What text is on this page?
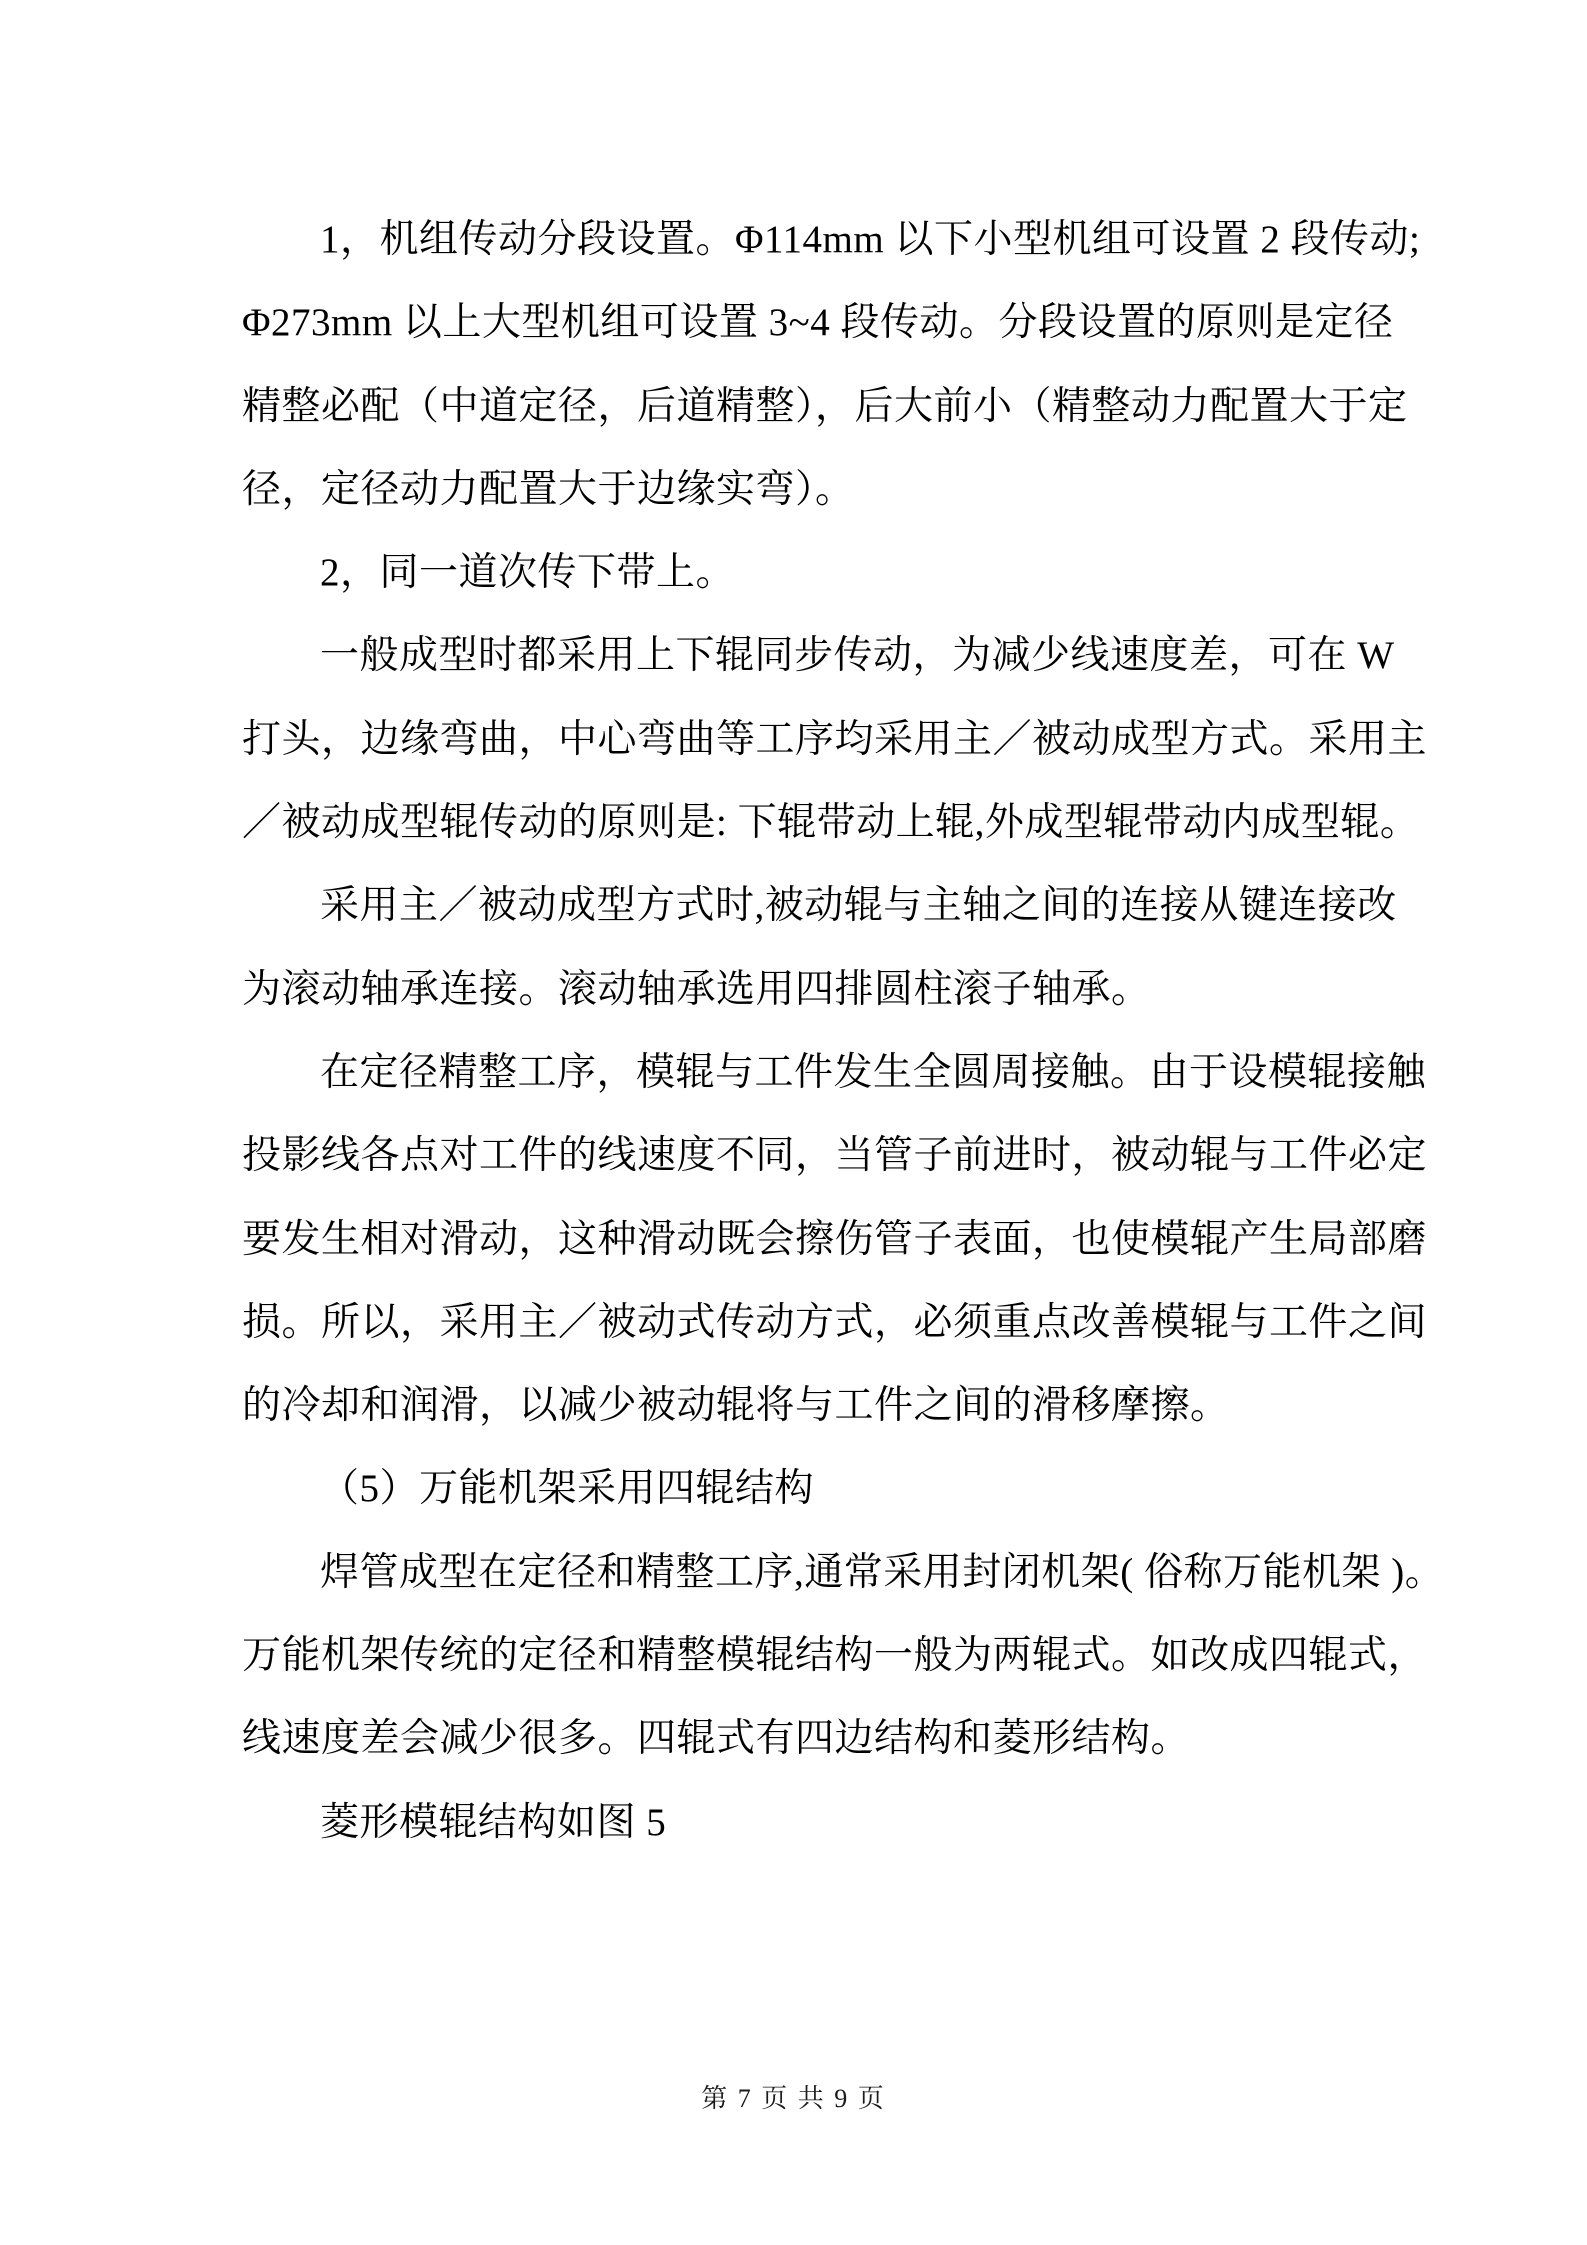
1，机组传动分段设置。Φ114mm 以下小型机组可设置 2 段传动;
Φ273mm 以上大型机组可设置 3~4 段传动。分段设置的原则是定径
精整必配（中道定径，后道精整），后大前小（精整动力配置大于定
径，定径动力配置大于边缘实弯）。
2，同一道次传下带上。
一般成型时都采用上下辊同步传动，为减少线速度差，可在 W
打头，边缘弯曲，中心弯曲等工序均采用主／被动成型方式。采用主
／被动成型辊传动的原则是: 下辊带动上辊,外成型辊带动内成型辊。
采用主／被动成型方式时,被动辊与主轴之间的连接从键连接改
为滚动轴承连接。滚动轴承选用四排圆柱滚子轴承。
在定径精整工序，模辊与工件发生全圆周接触。由于设模辊接触
投影线各点对工件的线速度不同，当管子前进时，被动辊与工件必定
要发生相对滑动，这种滑动既会擦伤管子表面，也使模辊产生局部磨
损。所以，采用主／被动式传动方式，必须重点改善模辊与工件之间
的冷却和润滑，以减少被动辊将与工件之间的滑移摩擦。
（5）万能机架采用四辊结构
焊管成型在定径和精整工序,通常采用封闭机架( 俗称万能机架 )。
万能机架传统的定径和精整模辊结构一般为两辊式。如改成四辊式，
线速度差会减少很多。四辊式有四边结构和菱形结构。
菱形模辊结构如图 5
第 7 页 共 9 页
